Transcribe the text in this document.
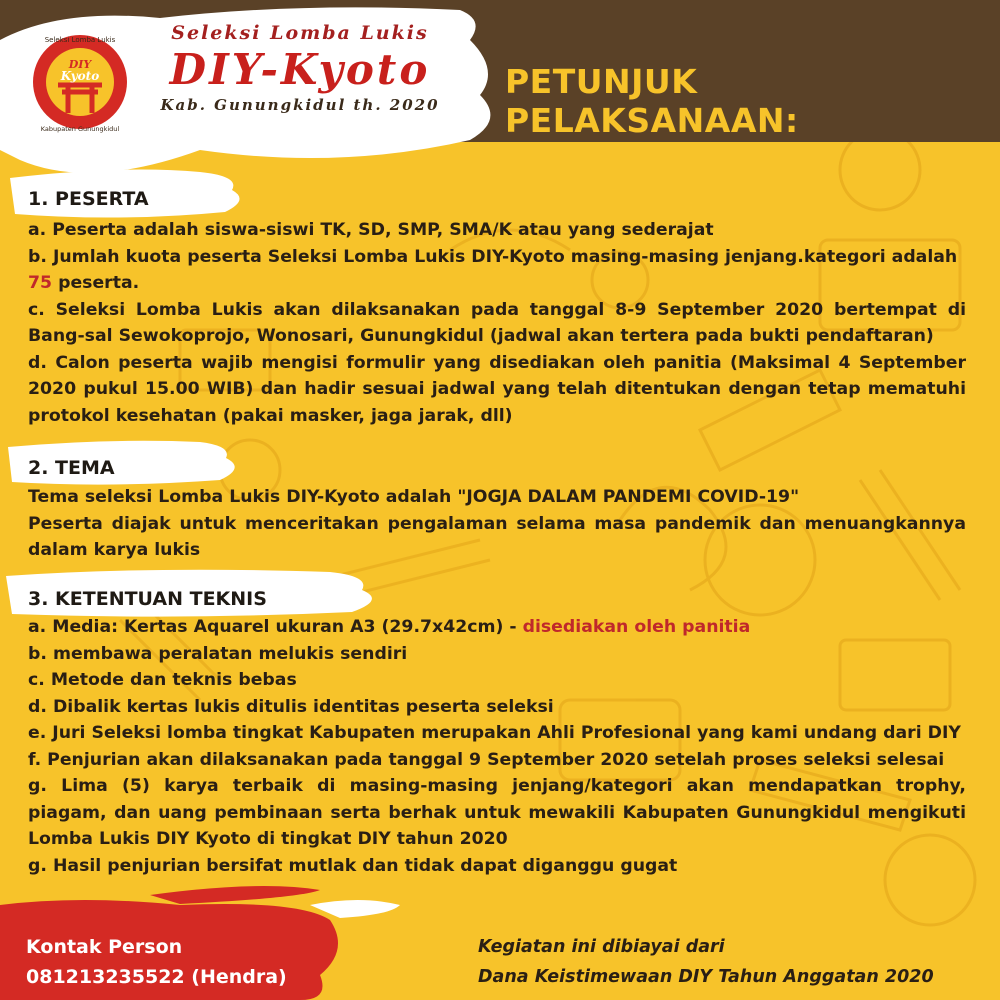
DIY
Kyoto
Seleksi Lomba Lukis
Kabupaten Gunungkidul
Seleksi Lomba Lukis
DIY-Kyoto
Kab. Gunungkidul th. 2020
PETUNJUK PELAKSANAAN:
1. PESERTA

a. Peserta adalah siswa-siswi TK, SD, SMP, SMA/K atau yang sederajat

b. Jumlah kuota peserta Seleksi Lomba Lukis DIY-Kyoto masing-masing jenjang.kategori adalah
75 peserta.

c. Seleksi Lomba Lukis akan dilaksanakan pada tanggal 8-9 September 2020 bertempat di Bang-sal Sewokoprojo, Wonosari, Gunungkidul (jadwal akan tertera pada bukti pendaftaran)

d. Calon peserta wajib mengisi formulir yang disediakan oleh panitia (Maksimal 4 September 2020 pukul 15.00 WIB) dan hadir sesuai jadwal yang telah ditentukan dengan tetap mematuhi protokol kesehatan (pakai masker, jaga jarak, dll)

2. TEMA

Tema seleksi Lomba Lukis DIY-Kyoto adalah "JOGJA DALAM PANDEMI COVID-19"

Peserta diajak untuk menceritakan pengalaman selama masa pandemik dan menuangkannya dalam karya lukis

3. KETENTUAN TEKNIS

a. Media: Kertas Aquarel ukuran A3 (29.7x42cm) - disediakan oleh panitia

b. membawa peralatan melukis sendiri

c. Metode dan teknis bebas

d. Dibalik kertas lukis ditulis identitas peserta seleksi

e. Juri Seleksi lomba tingkat Kabupaten merupakan Ahli Profesional yang kami undang dari DIY

f. Penjurian akan dilaksanakan pada tanggal 9 September 2020 setelah proses seleksi selesai

g. Lima (5) karya terbaik di masing-masing jenjang/kategori akan mendapatkan trophy, piagam, dan uang pembinaan serta berhak untuk mewakili Kabupaten Gunungkidul mengikuti Lomba Lukis DIY Kyoto di tingkat DIY tahun 2020

g. Hasil penjurian bersifat mutlak dan tidak dapat diganggu gugat

Kontak Person
081213235522 (Hendra)
Kegiatan ini dibiayai dari
Dana Keistimewaan DIY Tahun Anggatan 2020
